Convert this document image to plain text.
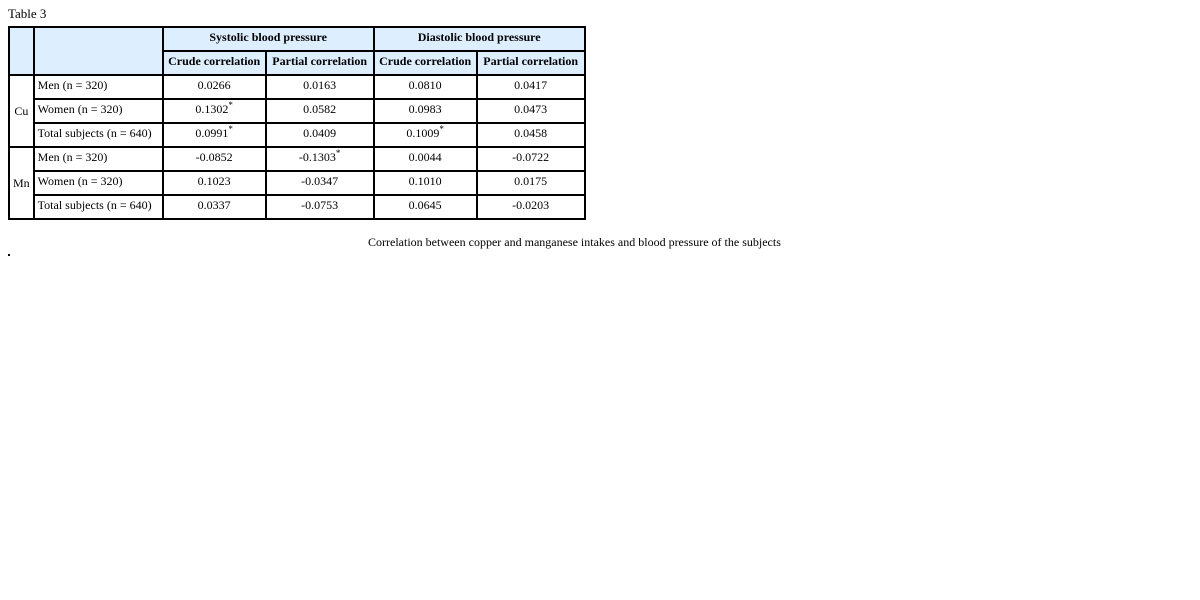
Table 3
		Systolic blood pressure		Diastolic blood pressure	
		Crude correlation	Partial correlation	Crude correlation	Partial correlation
Cu	Men (n = 320)	0.0266	0.0163	0.0810	0.0417
	Women (n = 320)	0.1302*	0.0582	0.0983	0.0473
	Total subjects (n = 640)	0.0991*	0.0409	0.1009*	0.0458
Mn	Men (n = 320)	-0.0852	-0.1303*	0.0044	-0.0722
	Women (n = 320)	0.1023	-0.0347	0.1010	0.0175
	Total subjects (n = 640)	0.0337	-0.0753	0.0645	-0.0203
Correlation between copper and manganese intakes and blood pressure of the subjects
